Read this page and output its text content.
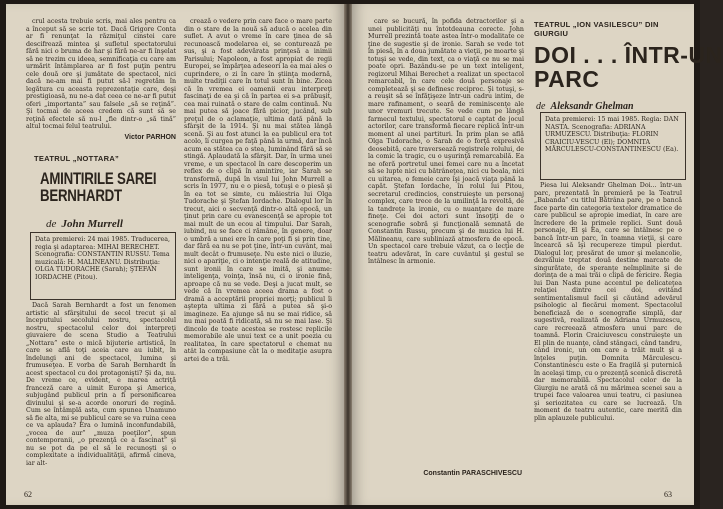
crul acesta trebuie scris, mai ales pentru ca a început să se scrie tot. Dacă Grigore Conta ar fi renunţat la răzmiţul cinstei care descifrează mintea şi sufletul spectatorului fără nici o bruma de har şi fără ne-ar fi înşelat să ne trezim cu ideea, semnificaţia cu care am urmărit întâmplarea ar fi fost puţin pentru cele două ore şi jumătate de spectacol, nici dacă ne-am mai fi putut să-l regretăm în legătura cu aceasta reprezentaţie care, deşi prestigioasă, nu ne-a dat ceea ce ne-ar fi putut oferi „importanta” sau falsele „să se reţină”. Şi tocmai de aceea credem că sunt să se reţină efectele să nu-l „fie dintr-o „să tină” altul tocmai felul teatrului.

Victor PARHON
TEATRUL „NOTTARA”
AMINTIRILE SAREI
BERNHARDT
de John Murrell
Data premierei: 24 mai 1985. Traducerea, regia şi adaptarea: MIHAI BERECHET. Scenografia: CONSTANTIN RUSSU. Tema muzicală: H. MALINEANU. Distribuţia: OLGA TUDORACHE (Sarah); ŞTEFAN IORDACHE (Pitou).

Dacă Sarah Bernhardt a fost un fenomen artistic al sfârşitului de secol trecut şi al începutului secolului nostru, spectacolul nostru, spectacolul celor doi interpreţi giuvaiere de scena Studio a Teatrului „Nottara” este o mică bijuterie artistică, în care se află toţi aceia care au iubit, în îndelungi ani de spectacol, lumina şi frumuseţea. E vorba de Sarah Bernhardt în acest spectacol cu doi protagonişti? Şi da, nu. De vreme ce, evident, e marea actriţă franceză care a uimit Europa şi America, subjugând publicul prin a fi personificarea divinului şi se-a acorde onoruri de regină. Cum se întâmplă asta, cum spunea Unamuno să fie alta, mi se publicul care se va ruina ceea ce va aplauda? Era o lumină inconfundabilă, „vocea de aur” „muza poeţilor”, spun contemporanii, „o prezenţă ce a fascinat” şi nu se pot da pe el să le recunoşti şi o complexitate a individualităţii, afirmă cineva, iar alt-

crează o vedere prin care face o mare parte din o stare de la nouă să aducă o acelea din suflet. A avut o vreme în care ţinea de să recunoască modelarea ei, se conturează pe sus, şi a fost adevărata prinţesă a inimii Parisului; Napoleon, a fost apropiat de regii Europei, se împărţea adeseori la ea mai ales o cuprindere, o zi în care în ştiinţa modernă, multe tradiţii care în totul sunt în bine. Zicea că în vremea ei oamenii erau interpreţi fascinaţi de ea şi că în partea ei s-a prăbuşit, cea mai ruinată o stare de calm continuă. Nu mai putea să joace fără picior, jucând, sub preţul de o aclamaţie, ultima dată până la sfârşit de la 1914. Şi nu mai stătea lângă scenă. Şi au fost atunci la ea publicul era tot acolo, îi curgea pe faţă până la urmă, dar încă acum ea stătea ca o stea, luminând fără să se stingă. Aplaudată la sfârşit. Dar, în urma unei vreme, e un spectacol în care descoperim un reflex de o clipă în amintire, iar Sarah se transformă, după în visul lui John Murrell a scris în 1977, nu e o piesă, totuşi e o piesă şi în ea tot se simte, cu măiestria lui Olga Tudorache şi Ştefan Iordache. Dialogul lor în trecut, aici o secvenţă dintr-o altă epocă, un ţinut prin care cu evanescenţă se apropie tot mai mult de un ecou al timpului. Dar Sarah, iubind, nu se face ci rămâne, în genere, doar o umbră a unei ere în care poţi fi și prin tine, dar fără ea nu se pot ţine, într-un cuvânt, mai mult decât o frumuseţe. Nu este nici o iluzie, nici o apariţie, ci o intenţie reală de atitudine, sunt ironii în care se imită, şi anume: inteligenţa, voinţa, însă nu, ci o ironie fină, aproape că nu se vede. Deşi a jucat mult, se vede că în vremea aceea drama a fost o dramă a acceptării propriei morţi; publicul îi aştepta ultima zi fără a putea să şi-o imagineze. Ea ajunge să nu se mai ridice, să nu mai poată fi ridicată, să nu se mai lase. Şi dincolo de toate acestea se rostesc replicile memorabile ale unui text ce a unit poezia cu realitatea, în care spectatorul e chemat nu atât la compasiune cât la o meditaţie asupra artei de a trăi.

62

care se bucură, în pofida detractorilor şi a unei publicităţi nu întotdeauna corecte. John Murrell prezintă toate astea într-o modalitate ce ţine de sugestie şi de ironie. Sarah se vede tot în piesă, în a doua jumătate a vieţii, pe moarte şi totuşi se vede, din text, ca o viaţă ce nu se mai poate opri. Bazându-se pe un text inteligent, regizorul Mihai Berechet a realizat un spectacol remarcabil, în care cele două personaje se completează şi se definesc reciproc. Şi totuşi, s-a reuşit să se înfăţişeze într-un cadru intim, de mare rafinament, o seară de reminiscenţe ale unor vremuri trecute. Se vede cum pe lângă farmecul textului, spectatorul e captat de jocul actorilor, care transformă fiecare replică într-un moment al unei partituri. În prim plan se află Olga Tudorache, o Sarah de o forţă expresivă deosebită, care traversează registrele rolului, de la comic la tragic, cu o uşurinţă remarcabilă. Ea ne oferă portretul unei femei care nu a încetat să se lupte nici cu bătrâneţea, nici cu boala, nici cu uitarea, o femeie care îşi joacă viaţa până la capăt. Ştefan Iordache, în rolul lui Pitou, secretarul credincios, construieşte un personaj complex, care trece de la umilinţă la revoltă, de la tandreţe la ironie, cu o nuanţare de mare fineţe. Cei doi actori sunt însoţiţi de o scenografie sobră şi funcţională semnată de Constantin Russu, precum şi de muzica lui H. Mălineanu, care subliniază atmosfera de epocă. Un spectacol care trebuie văzut, ca o lecţie de teatru adevărat, în care cuvântul şi gestul se întâlnesc în armonie.

Constantin PARASCHIVESCU
TEATRUL „ION VASILESCU” DIN GIURGIU
DOI . . . ÎNTR-UN
PARC
de Aleksandr Ghelman
Data premierei: 15 mai 1985. Regia: DAN NASTA. Scenografia: ADRIANA URMUZESCU. Distribuţia: FLORIN CRAICIU-VESCU (El); DOMNITA MĂRCULESCU-CONSTANTINESCU (Ea).

Piesa lui Aleksandr Ghelman Doi... într-un parc, prezentată în premieră pe la Teatrul „Babanda” cu titlul Bătrâna pare, pe o bancă face parte din categoria textelor dramatice de care publicul se apropie imediat, în care are încredere de la primele replici. Sunt două personaje, El şi Ea, care se întâlnesc pe o bancă într-un parc, în toamna vieţii, şi care încearcă să îşi recupereze timpul pierdut. Dialogul lor, presărat de umor şi melancolie, dezvăluie treptat două destine marcate de singurătate, de speranţe neîmplinite şi de dorinţa de a mai trăi o clipă de fericire. Regia lui Dan Nasta pune accentul pe delicateţea relaţiei dintre cei doi, evitând sentimentalismul facil şi căutând adevărul psihologic al fiecărui moment. Spectacolul beneficiază de o scenografie simplă, dar sugestivă, realizată de Adriana Urmuzescu, care recreează atmosfera unui parc de toamnă. Florin Craiciuvescu construieşte un El plin de nuanţe, când stângaci, când tandru, când ironic, un om care a trăit mult şi a înţeles puţin. Domnita Mărculescu-Constantinescu este o Ea fragilă şi puternică în acelaşi timp, cu o prezenţă scenică discretă dar memorabilă. Spectacolul celor de la Giurgiu ne arată că nu mărimea scenei sau a trupei face valoarea unui teatru, ci pasiunea şi seriozitatea cu care se lucrează. Un moment de teatru autentic, care merită din plin aplauzele publicului.

63
